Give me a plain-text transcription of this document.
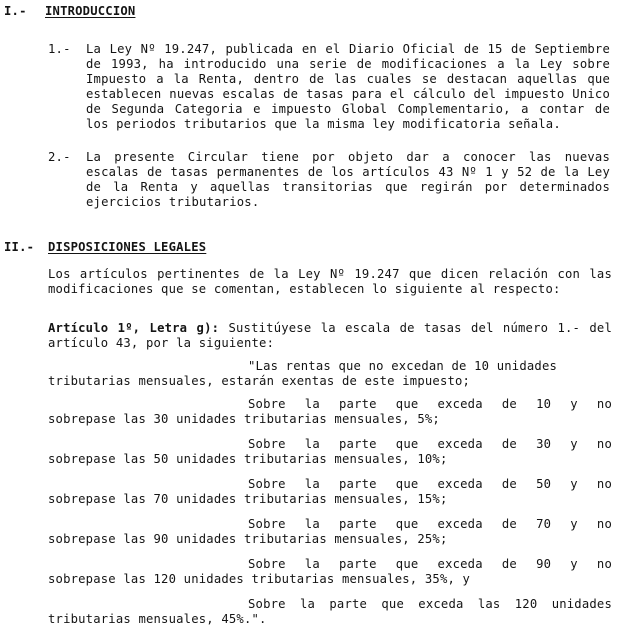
I.- INTRODUCCION
1.- La Ley Nº 19.247, publicada en el Diario Oficial de 15 de Septiembre de 1993, ha introducido una serie de modificaciones a la Ley sobre Impuesto a la Renta, dentro de las cuales se destacan aquellas que establecen nuevas escalas de tasas para el cálculo del impuesto Unico de Segunda Categoria e impuesto Global Complementario, a contar de los periodos tributarios que la misma ley modificatoria señala.
2.- La presente Circular tiene por objeto dar a conocer las nuevas escalas de tasas permanentes de los artículos 43 Nº 1 y 52 de la Ley de la Renta y aquellas transitorias que regirán por determinados ejercicios tributarios.
II.- DISPOSICIONES LEGALES
Los artículos pertinentes de la Ley Nº 19.247 que dicen relación con las modificaciones que se comentan, establecen lo siguiente al respecto:
Artículo 1º, Letra g): Sustitúyese la escala de tasas del número 1.- del artículo 43, por la siguiente:
"Las rentas que no excedan de 10 unidades
tributarias mensuales, estarán exentas de este impuesto;
Sobre la parte que exceda de 10 y no
sobrepase las 30 unidades tributarias mensuales, 5%;
Sobre la parte que exceda de 30 y no
sobrepase las 50 unidades tributarias mensuales, 10%;
Sobre la parte que exceda de 50 y no
sobrepase las 70 unidades tributarias mensuales, 15%;
Sobre la parte que exceda de 70 y no
sobrepase las 90 unidades tributarias mensuales, 25%;
Sobre la parte que exceda de 90 y no
sobrepase las 120 unidades tributarias mensuales, 35%, y
Sobre la parte que exceda las 120 unidades
tributarias mensuales, 45%.".
